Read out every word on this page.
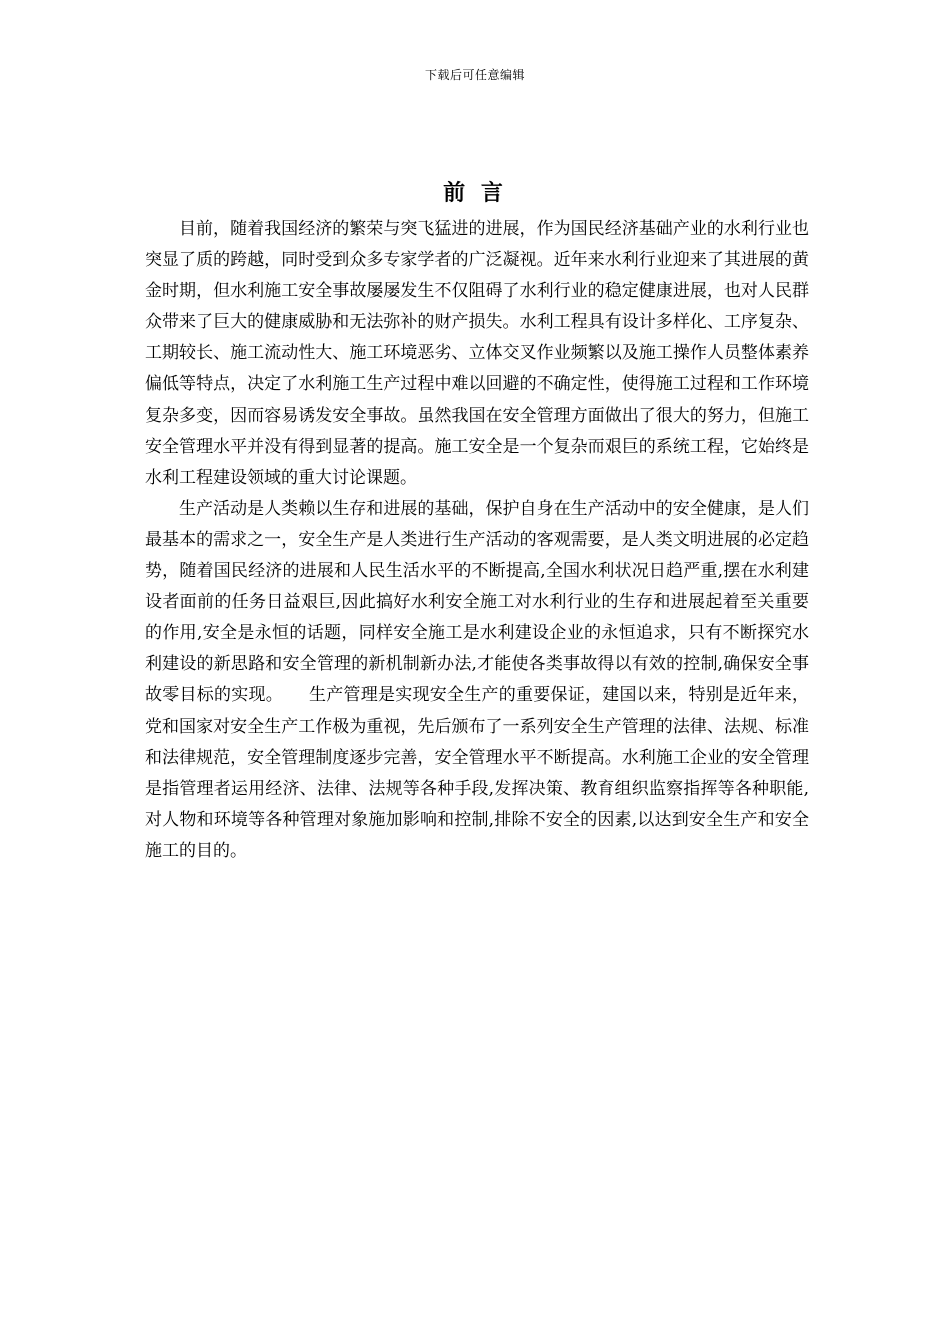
下载后可任意编辑
前 言

目前，随着我国经济的繁荣与突飞猛进的进展，作为国民经济基础产业的水利行业也突显了质的跨越，同时受到众多专家学者的广泛凝视。近年来水利行业迎来了其进展的黄金时期，但水利施工安全事故屡屡发生不仅阻碍了水利行业的稳定健康进展，也对人民群众带来了巨大的健康威胁和无法弥补的财产损失。水利工程具有设计多样化、工序复杂、工期较长、施工流动性大、施工环境恶劣、立体交叉作业频繁以及施工操作人员整体素养偏低等特点，决定了水利施工生产过程中难以回避的不确定性，使得施工过程和工作环境复杂多变，因而容易诱发安全事故。虽然我国在安全管理方面做出了很大的努力，但施工安全管理水平并没有得到显著的提高。施工安全是一个复杂而艰巨的系统工程，它始终是水利工程建设领域的重大讨论课题。

生产活动是人类赖以生存和进展的基础，保护自身在生产活动中的安全健康，是人们最基本的需求之一，安全生产是人类进行生产活动的客观需要，是人类文明进展的必定趋势，随着国民经济的进展和人民生活水平的不断提高,全国水利状况日趋严重,摆在水利建设者面前的任务日益艰巨,因此搞好水利安全施工对水利行业的生存和进展起着至关重要的作用,安全是永恒的话题，同样安全施工是水利建设企业的永恒追求，只有不断探究水利建设的新思路和安全管理的新机制新办法,才能使各类事故得以有效的控制,确保安全事故零目标的实现。　　生产管理是实现安全生产的重要保证，建国以来，特别是近年来，党和国家对安全生产工作极为重视，先后颁布了一系列安全生产管理的法律、法规、标准和法律规范，安全管理制度逐步完善，安全管理水平不断提高。水利施工企业的安全管理是指管理者运用经济、法律、法规等各种手段,发挥决策、教育组织监察指挥等各种职能,对人物和环境等各种管理对象施加影响和控制,排除不安全的因素,以达到安全生产和安全施工的目的。
